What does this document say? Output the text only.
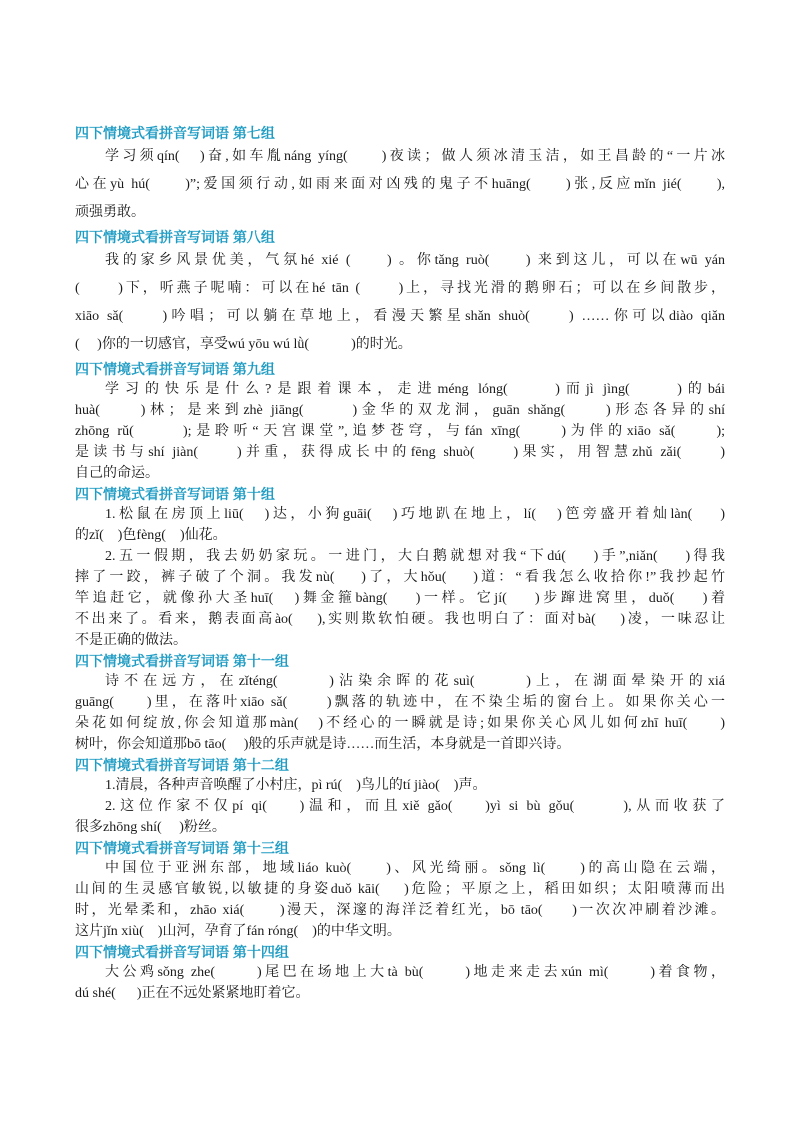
四下情境式看拼音写词语 第七组
学习须qín(   )奋,如车胤náng yíng(     )夜读；做人须冰清玉洁，如王昌龄的“一片冰
心在yù hú(     )”;爱国须行动,如雨来面对凶残的鬼子不huāng(     )张,反应mǐn jié(     ),
顽强勇敢。
四下情境式看拼音写词语 第八组
我的家乡风景优美，气氛hé xié (     ) 。你tǎng ruò(     ) 来到这儿，可以在wū yán
(      )下，听燕子呢喃：可以在hé tān (      )上，寻找光滑的鹅卵石；可以在乡间散步，
xiāo sǎ(     )吟唱；可以躺在草地上，看漫天繁星shǎn shuò(     ) ……你可以diào qiǎn
(     )你的一切感官，享受wú yōu wú lǜ(            )的时光。
四下情境式看拼音写词语 第九组
学习的快乐是什么?是跟着课本，走进méng lóng(     )而jì jìng(     )的bái
huà(     )林；是来到zhè jiāng(      )金华的双龙洞，guān shǎng(     )形态各异的shí
zhōng rǔ(      );是聆听“天宫课堂”,追梦苍穹，与fán xīng(     )为伴的xiāo sǎ(     );
是读书与shí jiàn(     )并重，获得成长中的fēng shuò(     )果实，用智慧zhǔ zǎi(     )
自己的命运。
四下情境式看拼音写词语 第十组
1.松鼠在房顶上liū(   )达，小狗guāi(   )巧地趴在地上，lí(   )笆旁盛开着灿làn(    )
的zǐ(    )色fèng(    )仙花。
2.五一假期，我去奶奶家玩。一进门，大白鹅就想对我“下dú(    )手”,niǎn(    )得我
摔了一跤，裤子破了个洞。我发nù(    )了，大hǒu(    )道：“看我怎么收拾你!”我抄起竹
竿追赶它，就像孙大圣huī(   )舞金箍bàng(    )一样。它jí(    )步蹿进窝里，duǒ(    )着
不出来了。看来，鹅表面高ào(    ),实则欺软怕硬。我也明白了：面对bà(    )凌，一味忍让
不是正确的做法。
四下情境式看拼音写词语 第十一组
诗不在远方，在zǐténg(      )沾染余晖的花suì(      )上，在湖面晕染开的xiá
guāng(     )里，在落叶xiāo sǎ(      )飘落的轨迹中，在不染尘垢的窗台上。如果你关心一
朵花如何绽放,你会知道那màn(   )不经心的一瞬就是诗;如果你关心风儿如何zhī huī(     )
树叶，你会知道那bō tāo(     )般的乐声就是诗……而生活，本身就是一首即兴诗。
四下情境式看拼音写词语 第十二组
1.清晨，各种声音唤醒了小村庄，pì rú(    )鸟儿的tí jiào(    )声。
2.这位作家不仅pí qi(    )温和，而且xiě gǎo(    )yì si bù gǒu(      ),从而收获了
很多zhōng shí(     )粉丝。
四下情境式看拼音写词语 第十三组
中国位于亚洲东部，地域liáo kuò(     )、风光绮丽。sǒng lì(     )的高山隐在云端，
山间的生灵感官敏锐,以敏捷的身姿duǒ kāi(    )危险；平原之上，稻田如织；太阳喷薄而出
时，光晕柔和，zhāo xiá(      )漫天，深邃的海洋泛着红光，bō tāo(     )一次次冲刷着沙滩。
这片jǐn xiù(    )山河，孕育了fán róng(    )的中华文明。
四下情境式看拼音写词语 第十四组
大公鸡sǒng zhe(      )尾巴在场地上大tà bù(      )地走来走去xún mì(      )着食物，
dú shé(      )正在不远处紧紧地盯着它。
